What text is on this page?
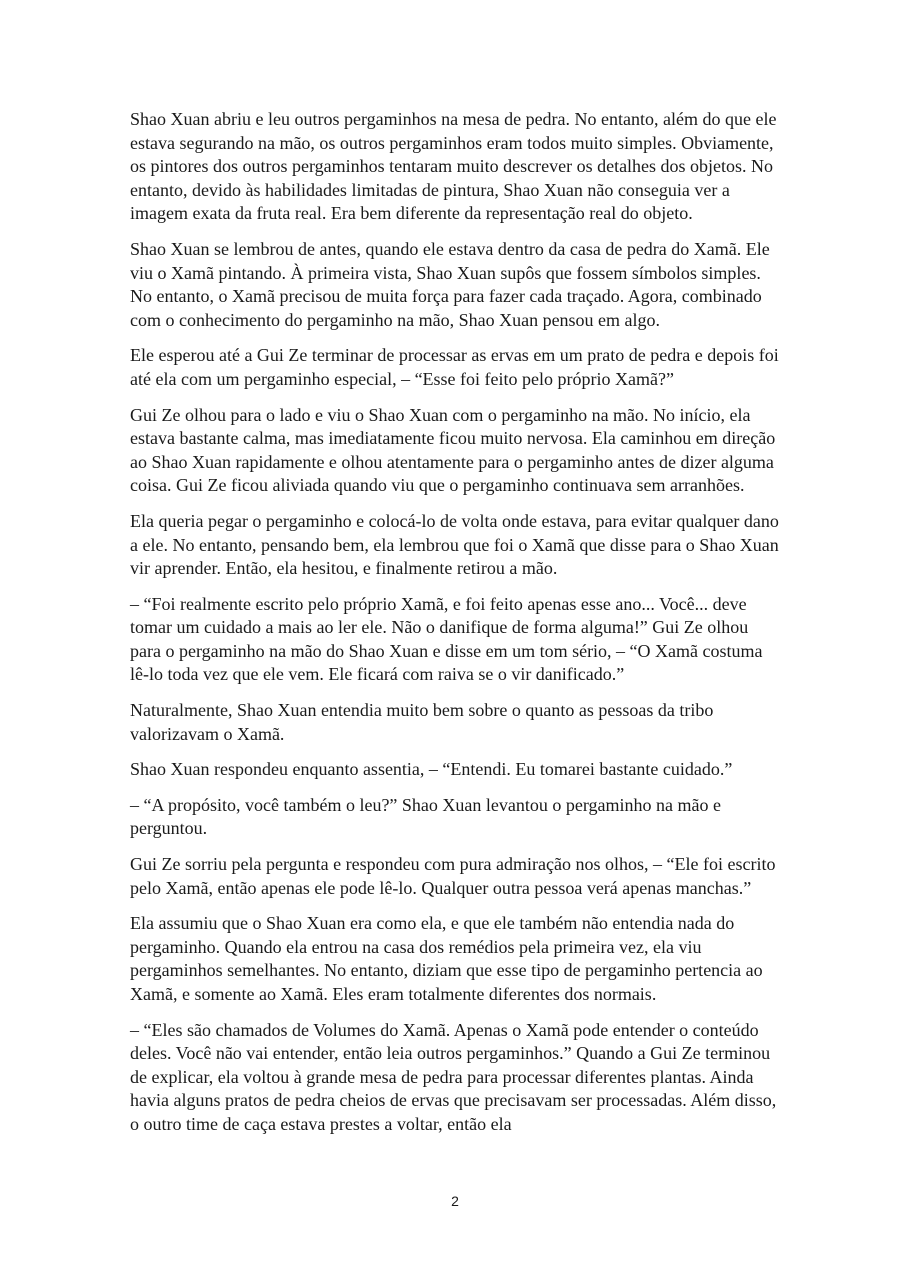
Shao Xuan abriu e leu outros pergaminhos na mesa de pedra. No entanto, além do que ele estava segurando na mão, os outros pergaminhos eram todos muito simples. Obviamente, os pintores dos outros pergaminhos tentaram muito descrever os detalhes dos objetos. No entanto, devido às habilidades limitadas de pintura, Shao Xuan não conseguia ver a imagem exata da fruta real. Era bem diferente da representação real do objeto.

Shao Xuan se lembrou de antes, quando ele estava dentro da casa de pedra do Xamã. Ele viu o Xamã pintando. À primeira vista, Shao Xuan supôs que fossem símbolos simples. No entanto, o Xamã precisou de muita força para fazer cada traçado. Agora, combinado com o conhecimento do pergaminho na mão, Shao Xuan pensou em algo.

Ele esperou até a Gui Ze terminar de processar as ervas em um prato de pedra e depois foi até ela com um pergaminho especial, – “Esse foi feito pelo próprio Xamã?”

Gui Ze olhou para o lado e viu o Shao Xuan com o pergaminho na mão. No início, ela estava bastante calma, mas imediatamente ficou muito nervosa. Ela caminhou em direção ao Shao Xuan rapidamente e olhou atentamente para o pergaminho antes de dizer alguma coisa. Gui Ze ficou aliviada quando viu que o pergaminho continuava sem arranhões.

Ela queria pegar o pergaminho e colocá-lo de volta onde estava, para evitar qualquer dano a ele. No entanto, pensando bem, ela lembrou que foi o Xamã que disse para o Shao Xuan vir aprender. Então, ela hesitou, e finalmente retirou a mão.

– “Foi realmente escrito pelo próprio Xamã, e foi feito apenas esse ano... Você... deve tomar um cuidado a mais ao ler ele. Não o danifique de forma alguma!” Gui Ze olhou para o pergaminho na mão do Shao Xuan e disse em um tom sério, – “O Xamã costuma lê-lo toda vez que ele vem. Ele ficará com raiva se o vir danificado.”

Naturalmente, Shao Xuan entendia muito bem sobre o quanto as pessoas da tribo valorizavam o Xamã.

Shao Xuan respondeu enquanto assentia, – “Entendi. Eu tomarei bastante cuidado.”

– “A propósito, você também o leu?” Shao Xuan levantou o pergaminho na mão e perguntou.

Gui Ze sorriu pela pergunta e respondeu com pura admiração nos olhos, – “Ele foi escrito pelo Xamã, então apenas ele pode lê-lo. Qualquer outra pessoa verá apenas manchas.”

Ela assumiu que o Shao Xuan era como ela, e que ele também não entendia nada do pergaminho. Quando ela entrou na casa dos remédios pela primeira vez, ela viu pergaminhos semelhantes. No entanto, diziam que esse tipo de pergaminho pertencia ao Xamã, e somente ao Xamã. Eles eram totalmente diferentes dos normais.

– “Eles são chamados de Volumes do Xamã. Apenas o Xamã pode entender o conteúdo deles. Você não vai entender, então leia outros pergaminhos.” Quando a Gui Ze terminou de explicar, ela voltou à grande mesa de pedra para processar diferentes plantas. Ainda havia alguns pratos de pedra cheios de ervas que precisavam ser processadas. Além disso, o outro time de caça estava prestes a voltar, então ela

2
